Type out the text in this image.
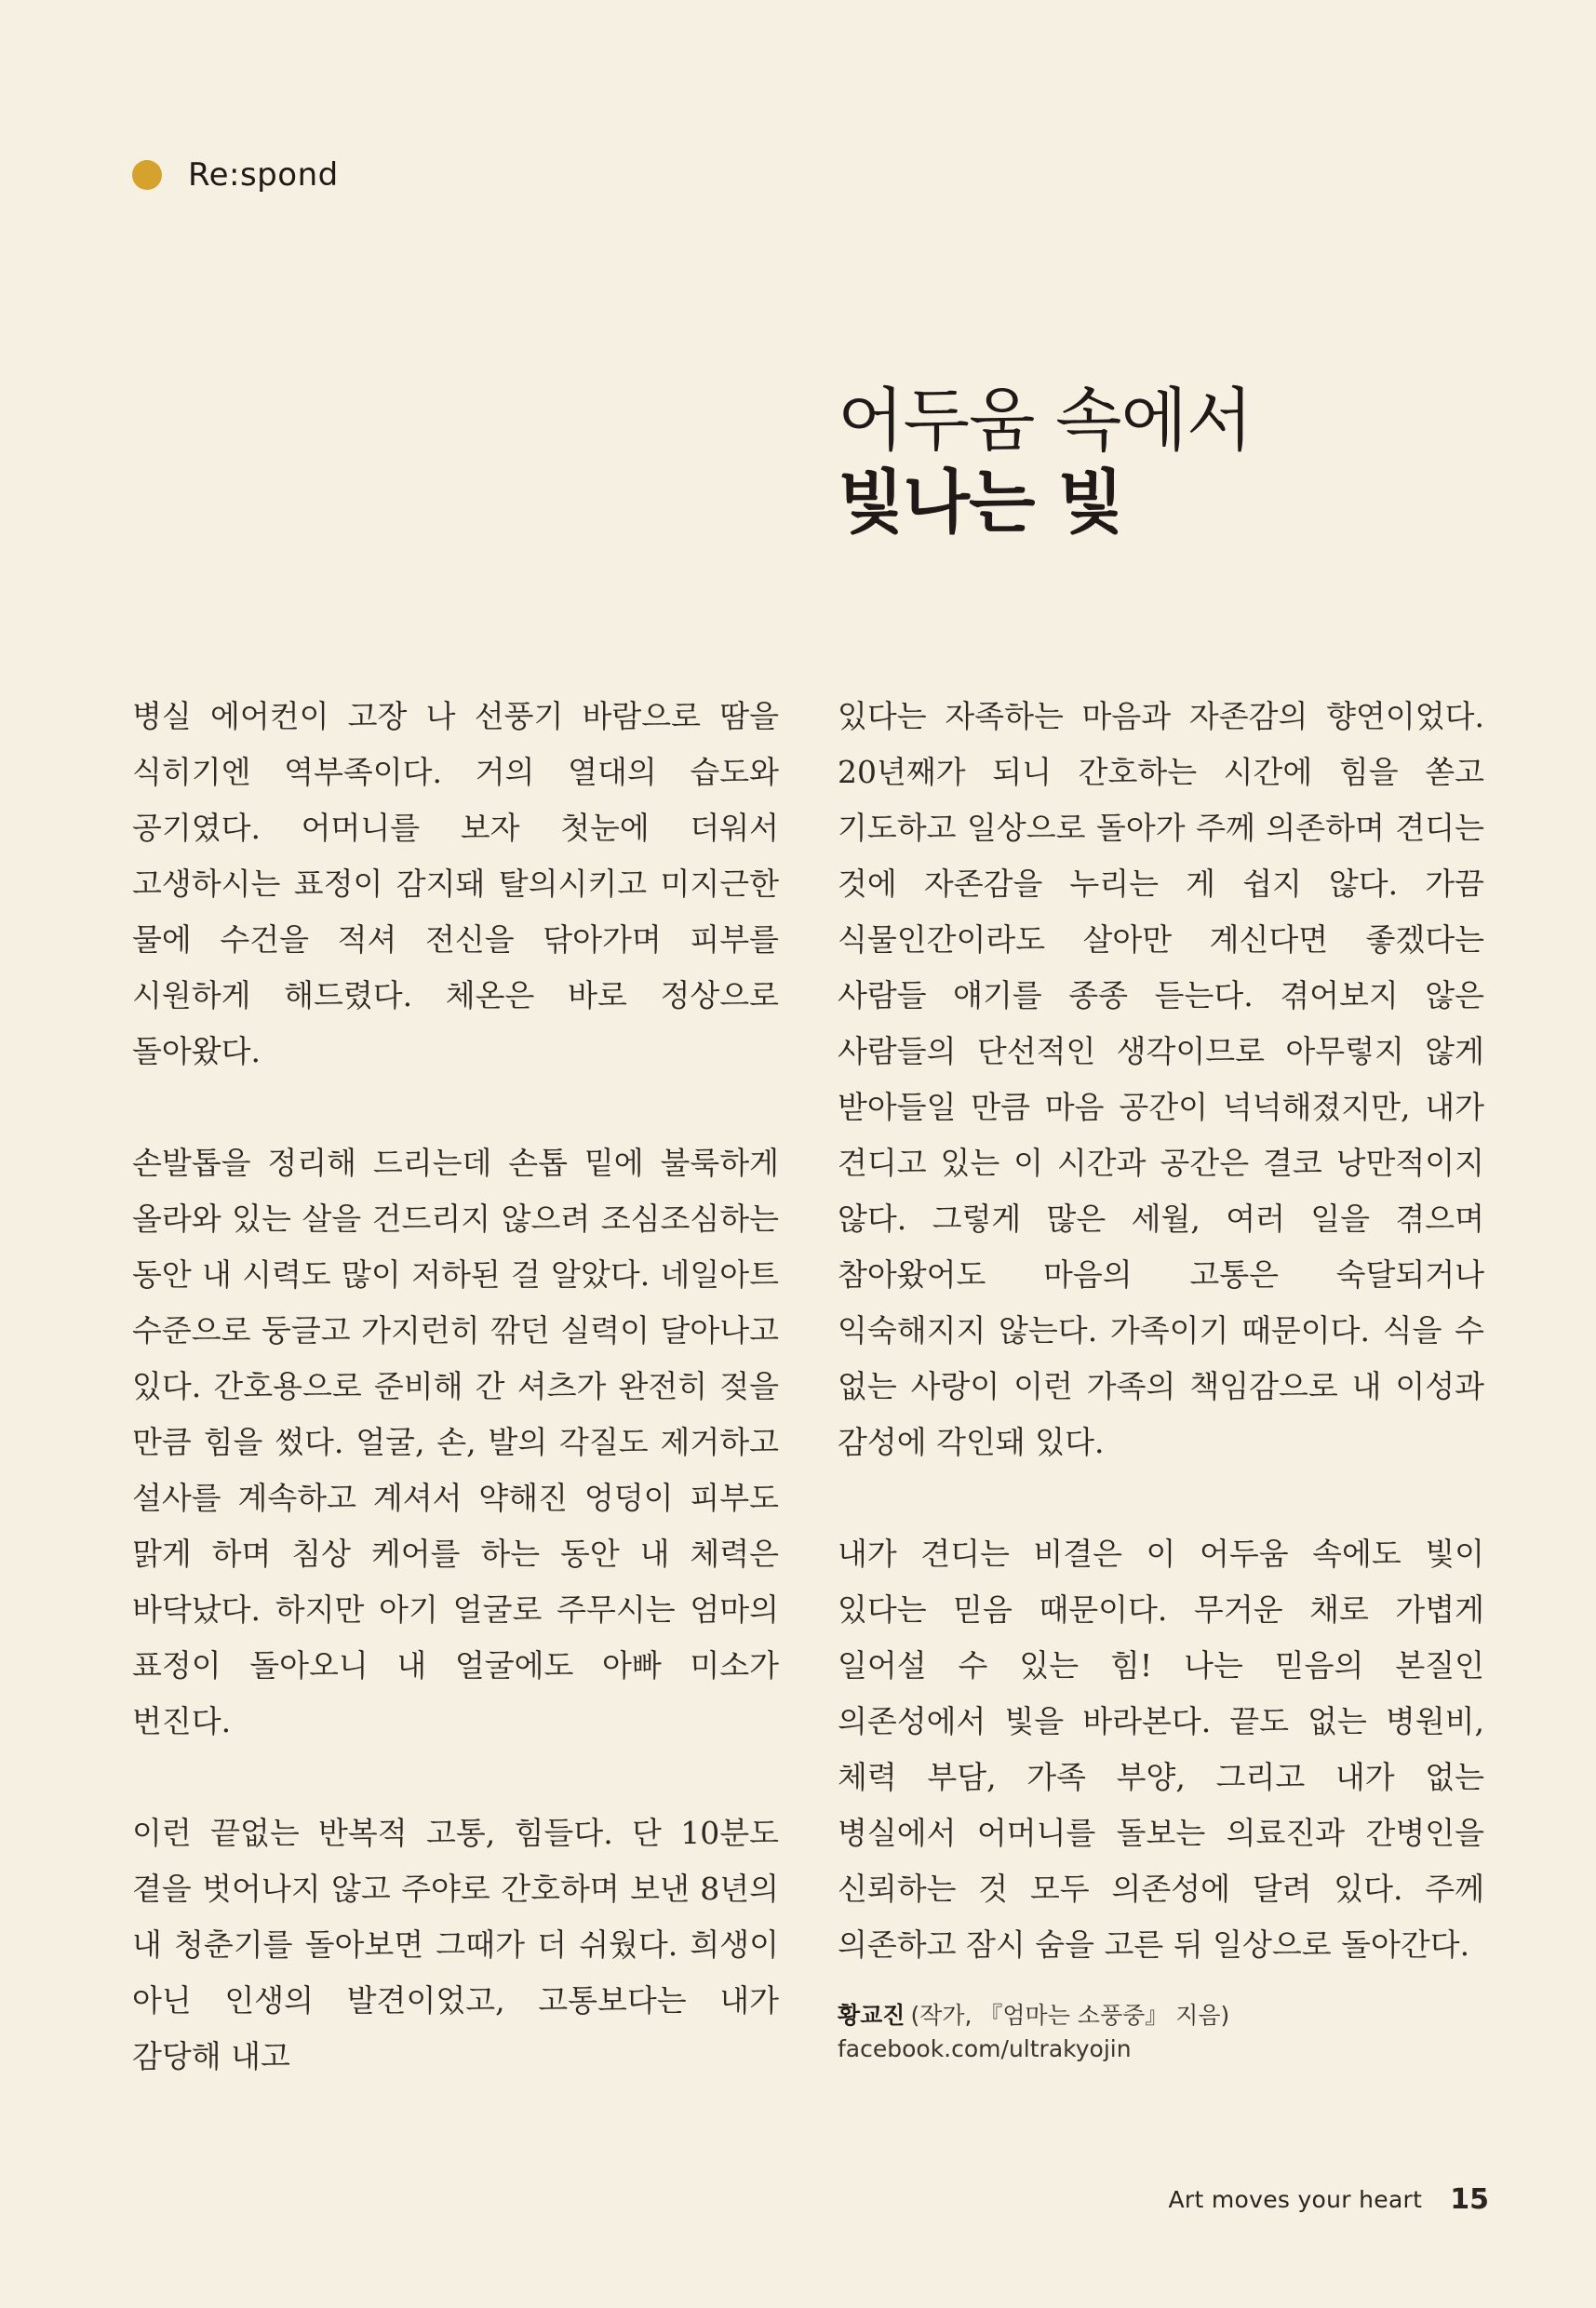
Re:spond
어두움 속에서
빛나는 빛

병실 에어컨이 고장 나 선풍기 바람으로 땀을 식히기엔 역부족이다. 거의 열대의 습도와 공기였다. 어머니를 보자 첫눈에 더워서 고생하시는 표정이 감지돼 탈의시키고 미지근한 물에 수건을 적셔 전신을 닦아가며 피부를 시원하게 해드렸다. 체온은 바로 정상으로 돌아왔다.

손발톱을 정리해 드리는데 손톱 밑에 불룩하게 올라와 있는 살을 건드리지 않으려 조심조심하는 동안 내 시력도 많이 저하된 걸 알았다. 네일아트 수준으로 둥글고 가지런히 깎던 실력이 달아나고 있다. 간호용으로 준비해 간 셔츠가 완전히 젖을 만큼 힘을 썼다. 얼굴, 손, 발의 각질도 제거하고 설사를 계속하고 계셔서 약해진 엉덩이 피부도 맑게 하며 침상 케어를 하는 동안 내 체력은 바닥났다. 하지만 아기 얼굴로 주무시는 엄마의 표정이 돌아오니 내 얼굴에도 아빠 미소가 번진다.

이런 끝없는 반복적 고통, 힘들다. 단 10분도 곁을 벗어나지 않고 주야로 간호하며 보낸 8년의 내 청춘기를 돌아보면 그때가 더 쉬웠다. 희생이 아닌 인생의 발견이었고, 고통보다는 내가 감당해 내고

있다는 자족하는 마음과 자존감의 향연이었다. 20년째가 되니 간호하는 시간에 힘을 쏟고 기도하고 일상으로 돌아가 주께 의존하며 견디는 것에 자존감을 누리는 게 쉽지 않다. 가끔 식물인간이라도 살아만 계신다면 좋겠다는 사람들 얘기를 종종 듣는다. 겪어보지 않은 사람들의 단선적인 생각이므로 아무렇지 않게 받아들일 만큼 마음 공간이 넉넉해졌지만, 내가 견디고 있는 이 시간과 공간은 결코 낭만적이지 않다. 그렇게 많은 세월, 여러 일을 겪으며 참아왔어도 마음의 고통은 숙달되거나 익숙해지지 않는다. 가족이기 때문이다. 식을 수 없는 사랑이 이런 가족의 책임감으로 내 이성과 감성에 각인돼 있다.

내가 견디는 비결은 이 어두움 속에도 빛이 있다는 믿음 때문이다. 무거운 채로 가볍게 일어설 수 있는 힘! 나는 믿음의 본질인 의존성에서 빛을 바라본다. 끝도 없는 병원비, 체력 부담, 가족 부양, 그리고 내가 없는 병실에서 어머니를 돌보는 의료진과 간병인을 신뢰하는 것 모두 의존성에 달려 있다. 주께 의존하고 잠시 숨을 고른 뒤 일상으로 돌아간다.

황교진 (작가, 『엄마는 소풍중』 지음)
facebook.com/ultrakyojin
Art moves your heart 15
